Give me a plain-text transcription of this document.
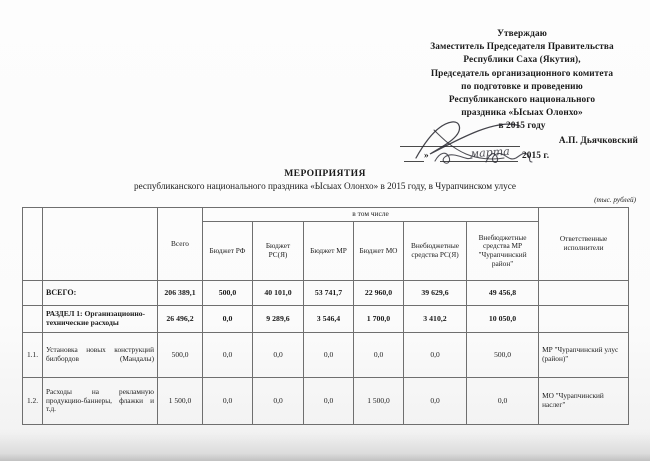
Утверждаю
Заместитель Председателя Правительства
Республики Саха (Якутия),
Председатель организационного комитета
по подготовке и проведению
Республиканского национального
праздника «Ысыах Олонхо»
в 2015 году
А.П. Дьячковский
»	2015 г.
МЕРОПРИЯТИЯ
республиканского национального праздника «Ысыах Олонхо» в 2015 году, в Чурапчинском улусе
(тыс. рублей)
		Всего	в том числе						Ответственные исполнители
			Бюджет РФ	Бюджет РС(Я)	Бюджет МР	Бюджет МО	Внебюджетные средства РС(Я)	Внебюджетные средства МР "Чурапчинский район"	
	ВСЕГО:	206 389,1	500,0	40 101,0	53 741,7	22 960,0	39 629,6	49 456,8	
	РАЗДЕЛ 1: Организационно-технические расходы	26 496,2	0,0	9 289,6	3 546,4	1 700,0	3 410,2	10 050,0	
1.1.	Установка новых конструкций билбордов (Мандалы)	500,0	0,0	0,0	0,0	0,0	0,0	500,0	МР "Чурапчинский улус (район)"
1.2.	Расходы на рекламную продукцию-баннеры, флажки и т.д.	1 500,0	0,0	0,0	0,0	1 500,0	0,0	0,0	МО "Чурапчинский наслег"
марта
